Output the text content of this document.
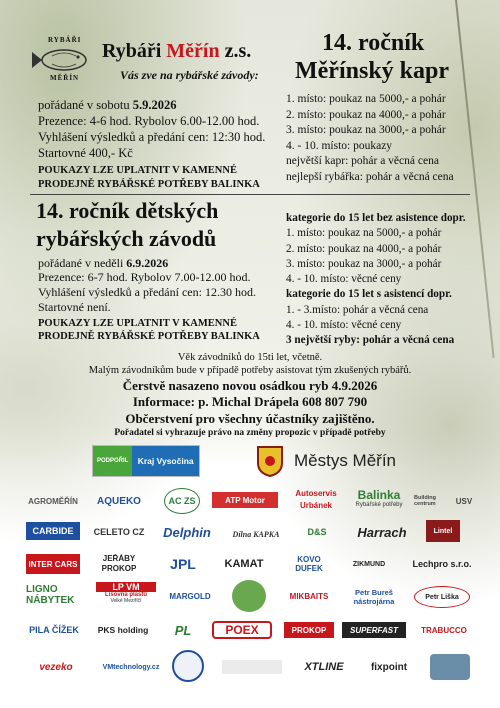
RYBÁŘI
MĚŘÍN
Rybáři Měřín z.s.
Vás zve na rybářské závody:
14. ročník
Měřínský kapr
pořádané v sobotu 5.9.2026
Prezence: 4-6 hod. Rybolov 6.00-12.00 hod.
Vyhlášení výsledků a předání cen: 12:30 hod.
Startovné 400,- Kč
POUKAZY LZE UPLATNIT V KAMENNÉ
PRODEJNĚ RYBÁŘSKÉ POTŘEBY BALINKA
1. místo: poukaz na 5000,- a pohár
2. místo: poukaz na 4000,- a pohár
3. místo: poukaz na 3000,- a pohár
4. - 10. místo: poukazy
největší kapr: pohár a věcná cena
nejlepší rybářka: pohár a věcná cena
14. ročník dětských
rybářských závodů
pořádané v neděli 6.9.2026
Prezence: 6-7 hod. Rybolov 7.00-12.00 hod.
Vyhlášení výsledků a předání cen: 12.30 hod.
Startovné není.
POUKAZY LZE UPLATNIT V KAMENNÉ
PRODEJNĚ RYBÁŘSKÉ POTŘEBY BALINKA
kategorie do 15 let bez asistence dopr.
1. místo: poukaz na 5000,- a pohár
2. místo: poukaz na 4000,- a pohár
3. místo: poukaz na 3000,- a pohár
4. - 10. místo: věcné ceny
kategorie do 15 let s asistencí dopr.
1. - 3.místo: pohár a věcná cena
4. - 10. místo: věcné ceny
3 největší ryby: pohár a věcná cena
Věk závodníků do 15ti let, včetně.
Malým závodníkům bude v případě potřeby asistovat tým zkušených rybářů.
Čerstvě nasazeno novou osádkou ryb 4.9.2026
Informace: p. Michal Drápela 608 807 790
Občerstvení pro všechny účastníky zajištěno.
Pořadatel si vyhrazuje právo na změny propozic v případě potřeby
PODPOŘIL	Kraj Vysočina	Městys Měřín
AGROMĚŘÍN	AQUEKO	AC ZS	ATP Motor
Autoservis Urbánek
Balinka
Rybářské potřeby
Building centrum	USV
CARBIDE	CELETO CZ	Delphin	Dílna KAPKA	D&S	Harrach	Lintel
INTER CARS
JEŘÁBY PROKOP	JPL	KAMAT	KOVO DUFEK	ZIKMUND	Lechpro s.r.o.
LIGNO NÁBYTEK
LP VM
Lisovna plastů
Velké Meziříčí
MARGOLD	MIKBAITS	Petr Bureš nástrojárna	Petr Liška
PILA ČÍŽEK	PKS holding	PL	POEX	PROKOP	SUPERFAST	TRABUCCO
vezeko	VMtechnology.cz	XTLINE	fixpoint
